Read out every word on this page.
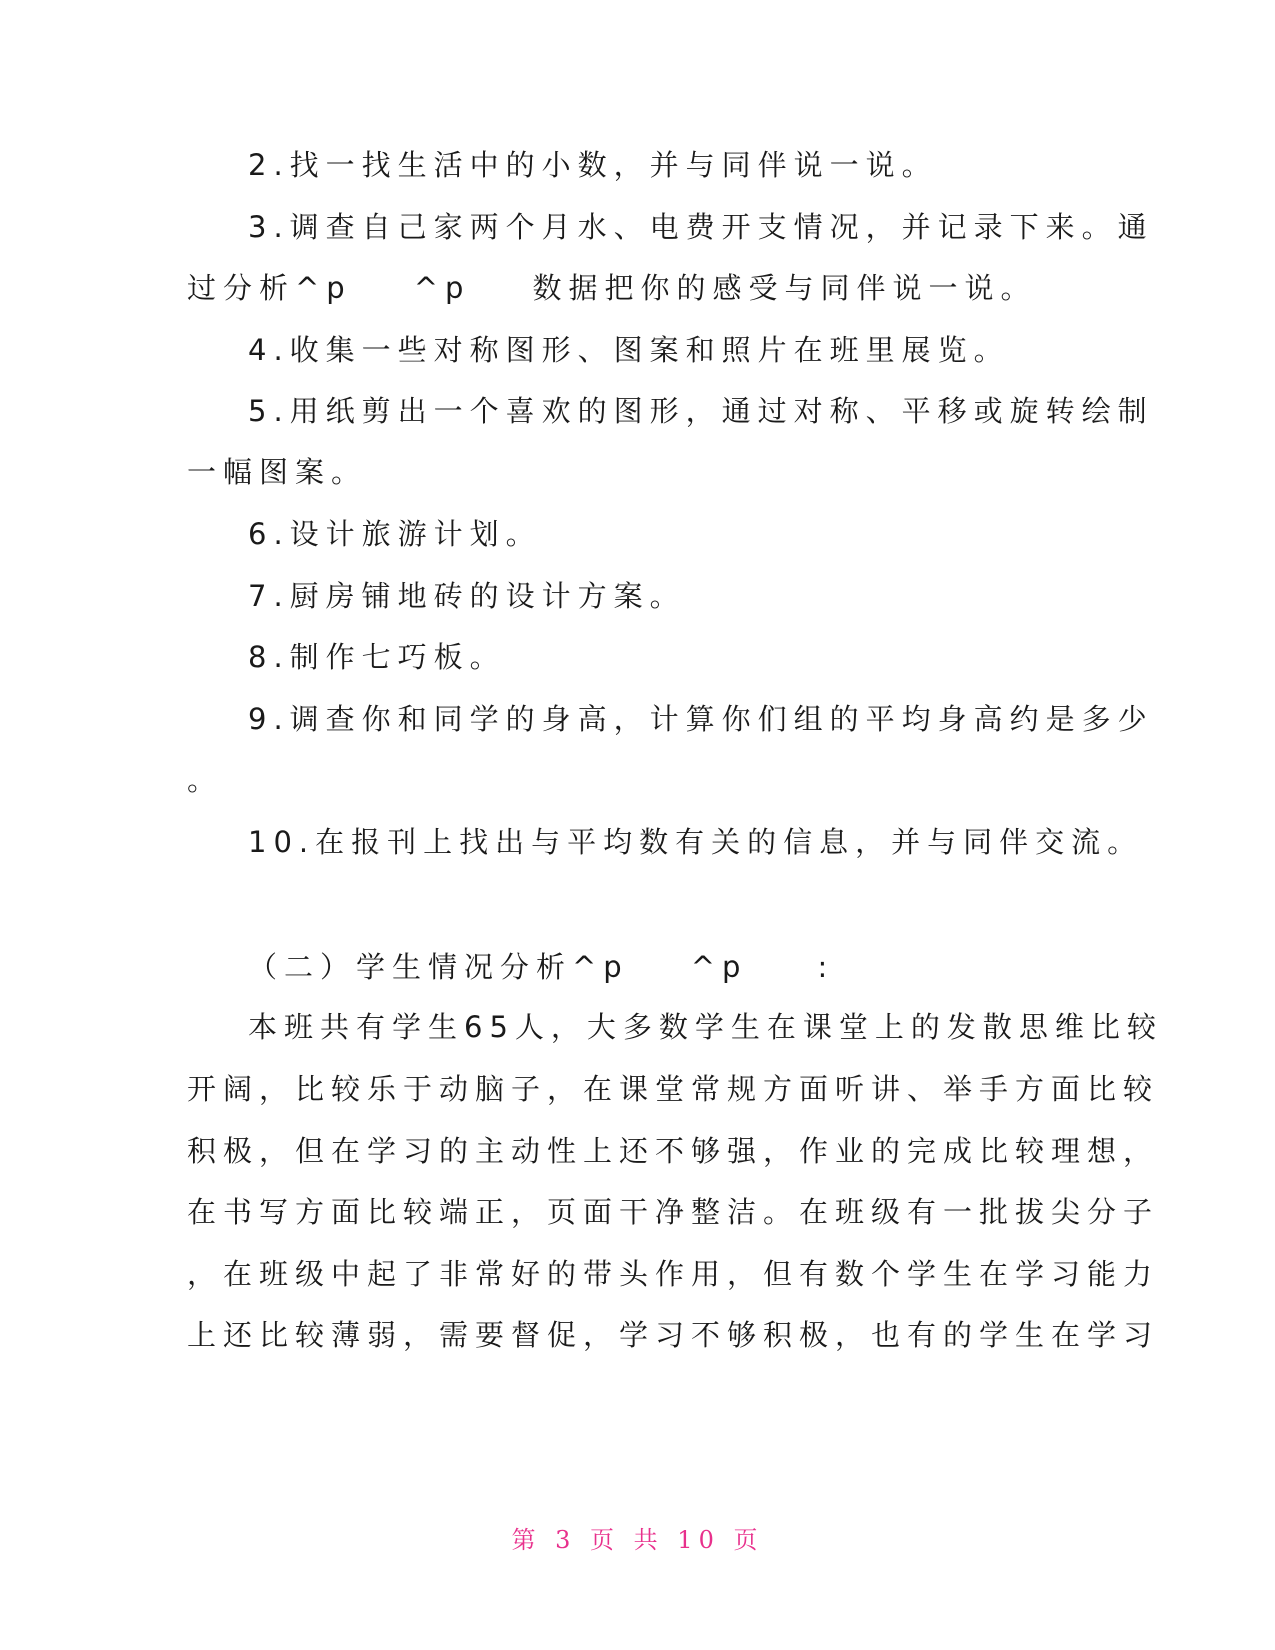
2.找一找生活中的小数，并与同伴说一说。
3.调查自己家两个月水、电费开支情况，并记录下来。通
过分析^p ^p 数据把你的感受与同伴说一说。
4.收集一些对称图形、图案和照片在班里展览。
5.用纸剪出一个喜欢的图形，通过对称、平移或旋转绘制
一幅图案。
6.设计旅游计划。
7.厨房铺地砖的设计方案。
8.制作七巧板。
9.调查你和同学的身高，计算你们组的平均身高约是多少
。
10.在报刊上找出与平均数有关的信息，并与同伴交流。
（二）学生情况分析^p ^p :
本班共有学生65人，大多数学生在课堂上的发散思维比较
开阔，比较乐于动脑子，在课堂常规方面听讲、举手方面比较
积极，但在学习的主动性上还不够强，作业的完成比较理想，
在书写方面比较端正，页面干净整洁。在班级有一批拔尖分子
，在班级中起了非常好的带头作用，但有数个学生在学习能力
上还比较薄弱，需要督促，学习不够积极，也有的学生在学习
第 3 页 共 10 页
